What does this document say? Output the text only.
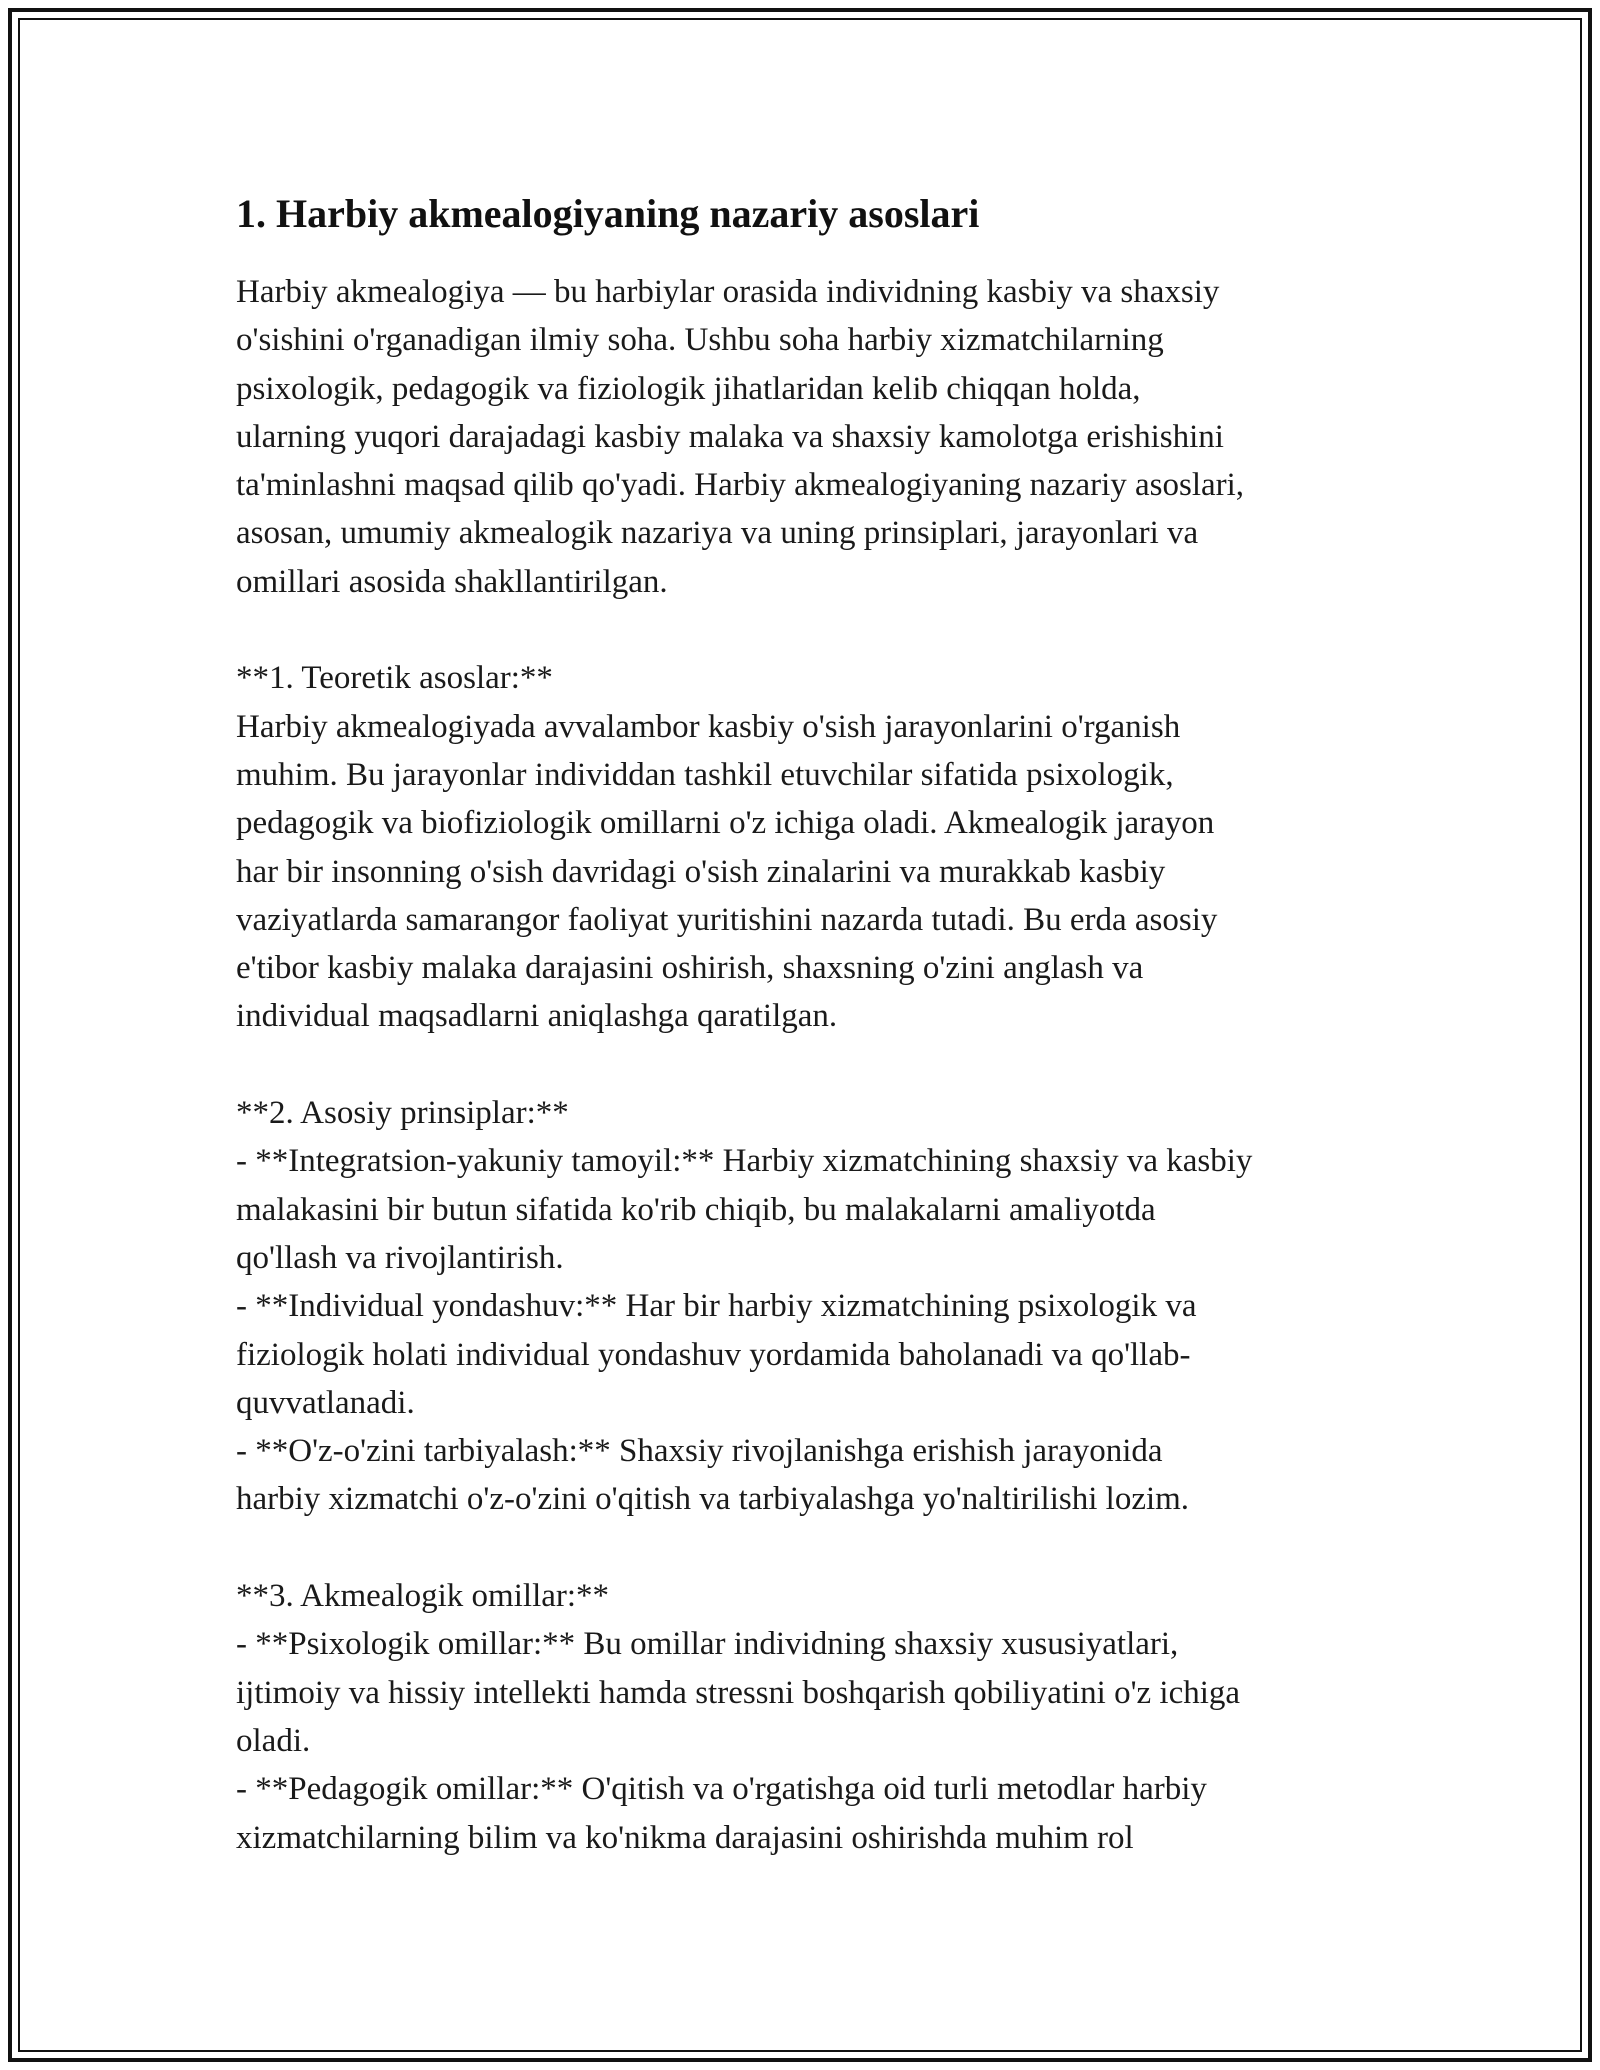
1. Harbiy akmealogiyaning nazariy asoslari

Harbiy akmealogiya — bu harbiylar orasida individning kasbiy va shaxsiy

o'sishini o'rganadigan ilmiy soha. Ushbu soha harbiy xizmatchilarning

psixologik, pedagogik va fiziologik jihatlaridan kelib chiqqan holda,

ularning yuqori darajadagi kasbiy malaka va shaxsiy kamolotga erishishini

ta'minlashni maqsad qilib qo'yadi. Harbiy akmealogiyaning nazariy asoslari,

asosan, umumiy akmealogik nazariya va uning prinsiplari, jarayonlari va

omillari asosida shakllantirilgan.

**1. Teoretik asoslar:**

Harbiy akmealogiyada avvalambor kasbiy o'sish jarayonlarini o'rganish

muhim. Bu jarayonlar individdan tashkil etuvchilar sifatida psixologik,

pedagogik va biofiziologik omillarni o'z ichiga oladi. Akmealogik jarayon

har bir insonning o'sish davridagi o'sish zinalarini va murakkab kasbiy

vaziyatlarda samarangor faoliyat yuritishini nazarda tutadi. Bu erda asosiy

e'tibor kasbiy malaka darajasini oshirish, shaxsning o'zini anglash va

individual maqsadlarni aniqlashga qaratilgan.

**2. Asosiy prinsiplar:**

- **Integratsion-yakuniy tamoyil:** Harbiy xizmatchining shaxsiy va kasbiy

malakasini bir butun sifatida ko'rib chiqib, bu malakalarni amaliyotda

qo'llash va rivojlantirish.

- **Individual yondashuv:** Har bir harbiy xizmatchining psixologik va

fiziologik holati individual yondashuv yordamida baholanadi va qo'llab-

quvvatlanadi.

- **O'z-o'zini tarbiyalash:** Shaxsiy rivojlanishga erishish jarayonida

harbiy xizmatchi o'z-o'zini o'qitish va tarbiyalashga yo'naltirilishi lozim.

**3. Akmealogik omillar:**

- **Psixologik omillar:** Bu omillar individning shaxsiy xususiyatlari,

ijtimoiy va hissiy intellekti hamda stressni boshqarish qobiliyatini o'z ichiga

oladi.

- **Pedagogik omillar:** O'qitish va o'rgatishga oid turli metodlar harbiy

xizmatchilarning bilim va ko'nikma darajasini oshirishda muhim rol
